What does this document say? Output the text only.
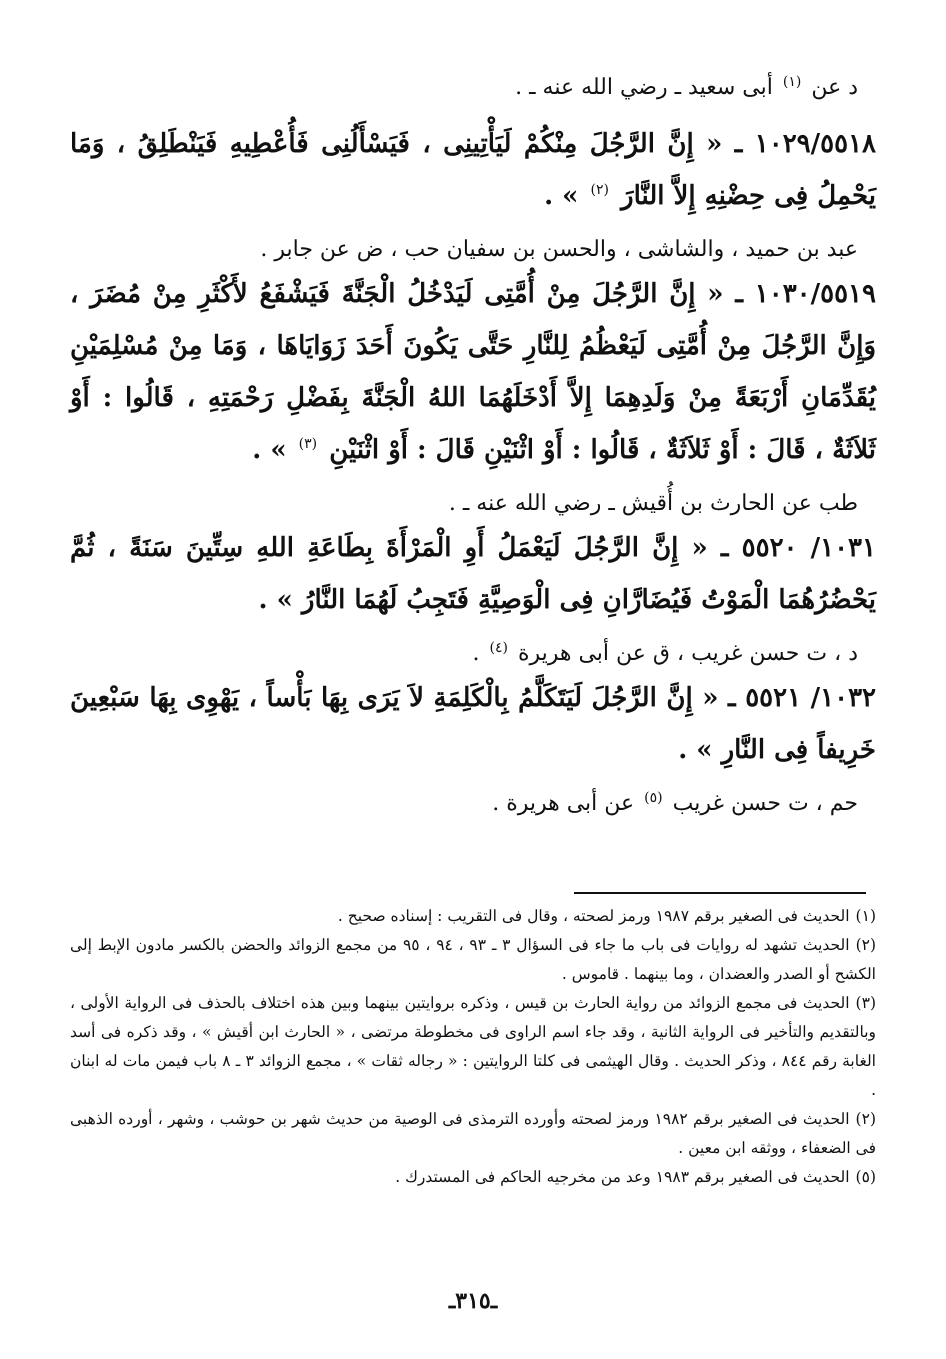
د عن $^{(١)}$ أبى سعيد ـ رضي الله عنه ـ .

١٠٢٩/٥٥١٨ ـ « إِنَّ الرَّجُلَ مِنْكُمْ لَيَأْتِينِى ، فَيَسْأَلُنِى فَأُعْطِيهِ فَيَنْطَلِقُ ، وَمَا يَحْمِلُ فِى حِضْنِهِ إِلاَّ النَّارَ $^{(٢)}$ » .

عبد بن حميد ، والشاشى ، والحسن بن سفيان حب ، ض عن جابر .

١٠٣٠/٥٥١٩ ـ « إِنَّ الرَّجُلَ مِنْ أُمَّتِى لَيَدْخُلُ الْجَنَّةَ فَيَشْفَعُ لأَكْثَرِ مِنْ مُضَرَ ، وَإِنَّ الرَّجُلَ مِنْ أُمَّتِى لَيَعْظُمُ لِلنَّارِ حَتَّى يَكُونَ أَحَدَ زَوَايَاهَا ، وَمَا مِنْ مُسْلِمَيْنِ يُقَدِّمَانِ أَرْبَعَةً مِنْ وَلَدِهِمَا إِلاَّ أَدْخَلَهُمَا اللهُ الْجَنَّةَ بِفَضْلِ رَحْمَتِهِ ، قَالُوا : أَوْ ثَلاَثَةٌ ، قَالَ : أَوْ ثَلاَثَةٌ ، قَالُوا : أَوْ اثْنَيْنِ قَالَ : أَوْ اثْنَيْنِ $^{(٣)}$ » .

طب عن الحارث بن أُقيش ـ رضي الله عنه ـ .

١٠٣١/ ٥٥٢٠ ـ « إِنَّ الرَّجُلَ لَيَعْمَلُ أَوِ الْمَرْأَةَ بِطَاعَةِ اللهِ سِتِّينَ سَنَةً ، ثُمَّ يَحْضُرُهُمَا الْمَوْتُ فَيُضَارَّانِ فِى الْوَصِيَّةِ فَتَجِبُ لَهُمَا النَّارُ » .

د ، ت حسن غريب ، ق عن أبى هريرة $^{(٤)}$ .

١٠٣٢/ ٥٥٢١ ـ « إِنَّ الرَّجُلَ لَيَتَكَلَّمُ بِالْكَلِمَةِ لاَ يَرَى بِهَا بَأْساً ، يَهْوِى بِهَا سَبْعِينَ خَرِيفاً فِى النَّارِ » .

حم ، ت حسن غريب $^{(٥)}$ عن أبى هريرة .

(١)الحديث فى الصغير برقم ١٩٨٧ ورمز لصحته ، وقال فى التقريب : إسناده صحيح .
(٢)الحديث تشهد له روايات فى باب ما جاء فى السؤال ٣ ـ ٩٣ ، ٩٤ ، ٩٥ من مجمع الزوائد والحضن بالكسر مادون الإبط إلى الكشح أو الصدر والعضدان ، وما بينهما . قاموس .
(٣)الحديث فى مجمع الزوائد من رواية الحارث بن قيس ، وذكره بروايتين بينهما وبين هذه اختلاف بالحذف فى الرواية الأولى ، وبالتقديم والتأخير فى الرواية الثانية ، وقد جاء اسم الراوى فى مخطوطة مرتضى ، « الحارث ابن أقيش » ، وقد ذكره فى أسد الغابة رقم ٨٤٤ ، وذكر الحديث . وقال الهيثمى فى كلتا الروايتين : « رجاله ثقات » ، مجمع الزوائد ٣ ـ ٨ باب فيمن مات له ابنان .
(٢)الحديث فى الصغير برقم ١٩٨٢ ورمز لصحته وأورده الترمذى فى الوصية من حديث شهر بن حوشب ، وشهر ، أورده الذهبى فى الضعفاء ، ووثقه ابن معين .
(٥)الحديث فى الصغير برقم ١٩٨٣ وعد من مخرجيه الحاكم فى المستدرك .
ـ٣١٥ـ
